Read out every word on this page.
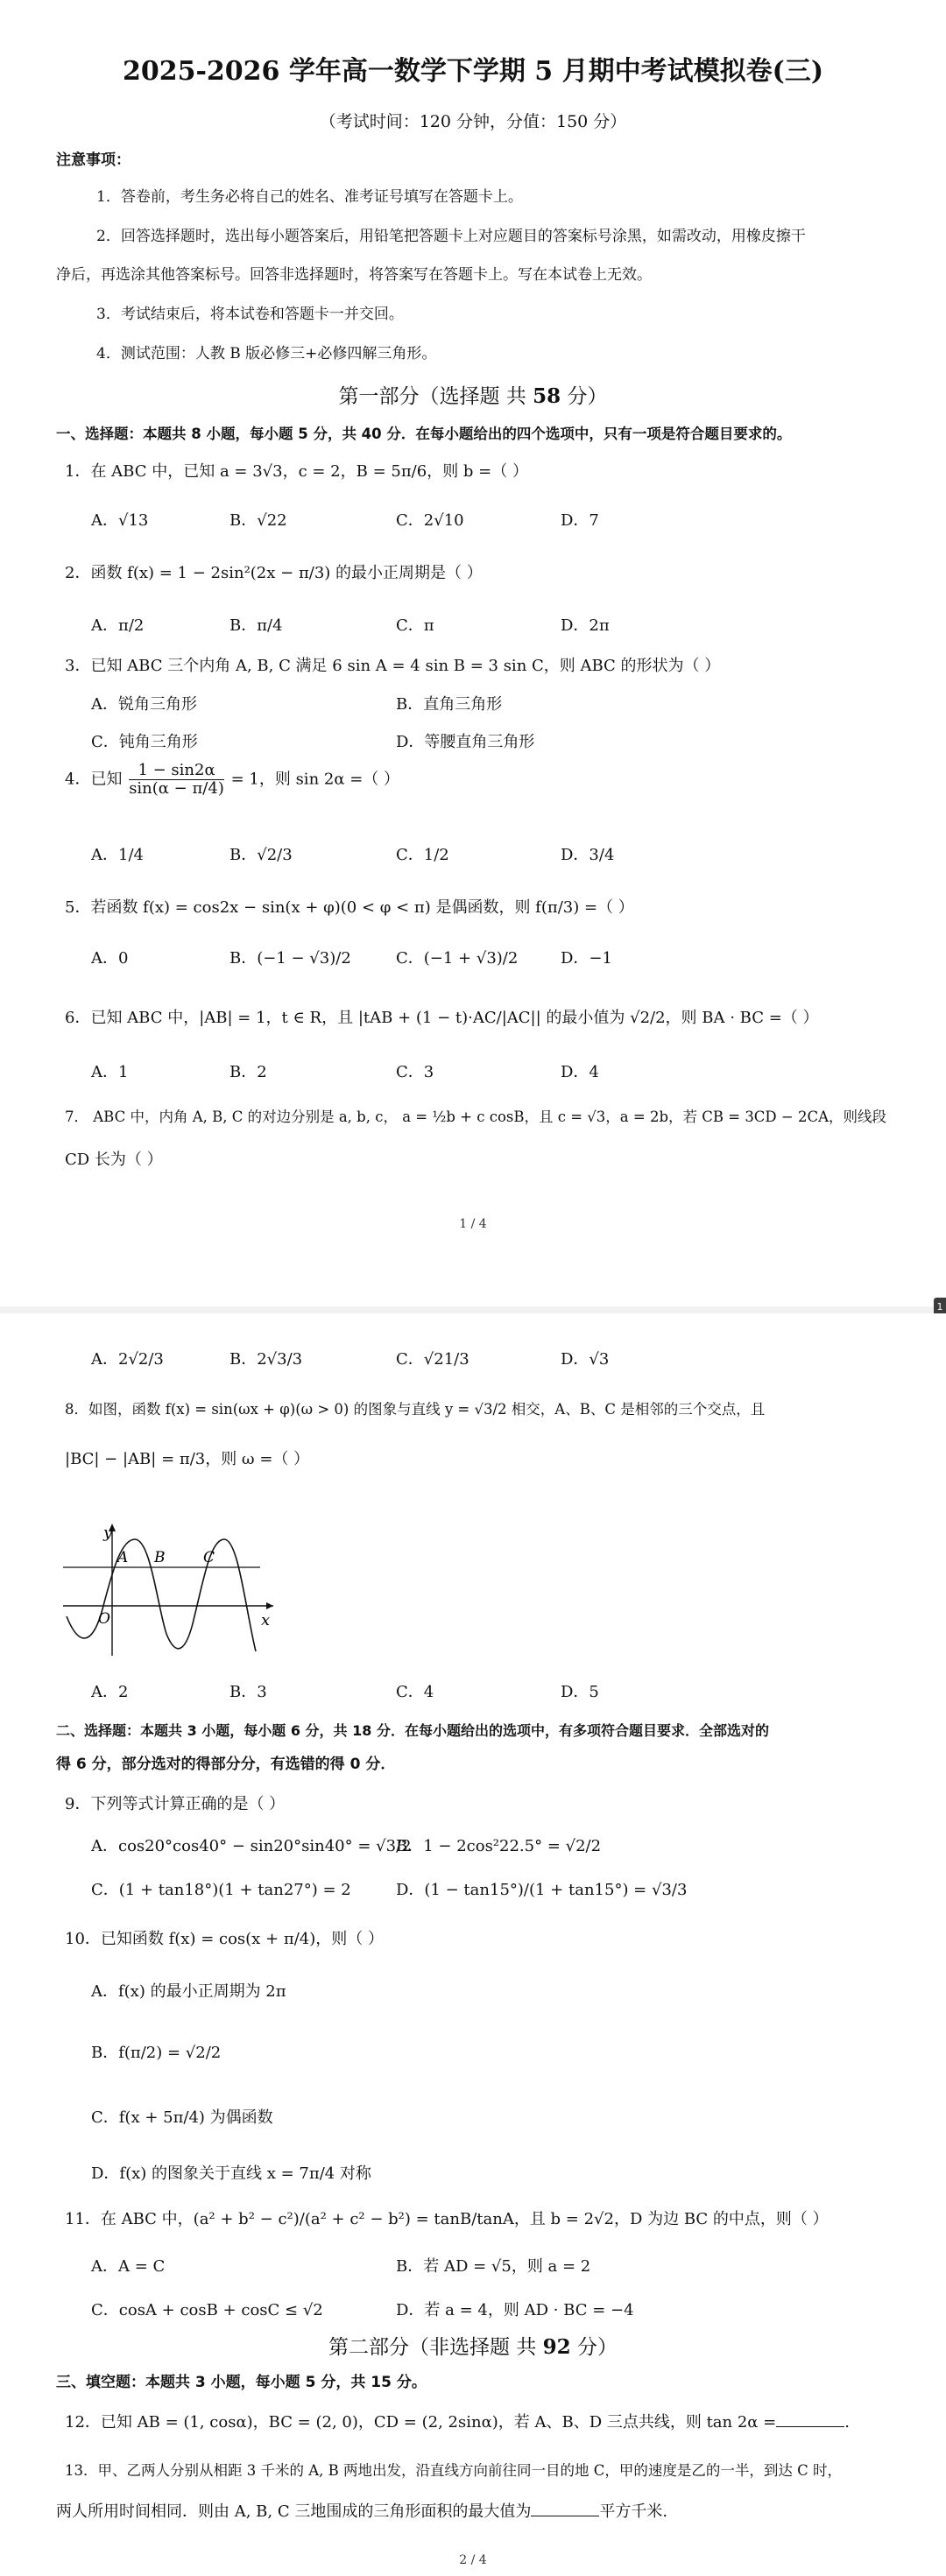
2025-2026 学年高一数学下学期 5 月期中考试模拟卷(三)
（考试时间：120 分钟，分值：150 分）
注意事项：
1．答卷前，考生务必将自己的姓名、准考证号填写在答题卡上。
2．回答选择题时，选出每小题答案后，用铅笔把答题卡上对应题目的答案标号涂黑，如需改动，用橡皮擦干
净后，再选涂其他答案标号。回答非选择题时，将答案写在答题卡上。写在本试卷上无效。
3．考试结束后，将本试卷和答题卡一并交回。
4．测试范围：人教 B 版必修三+必修四解三角形。
第一部分（选择题 共 58 分）
一、选择题：本题共 8 小题，每小题 5 分，共 40 分．在每小题给出的四个选项中，只有一项是符合题目要求的。
1．在 ABC 中，已知 a = 3√3，c = 2，B = 5π/6，则 b =（ ）
A．√13	B．√22	C．2√10	D．7
2．函数 f(x) = 1 − 2sin²(2x − π/3) 的最小正周期是（ ）
A．π/2	B．π/4	C．π	D．2π
3．已知 ABC 三个内角 A, B, C 满足 6 sin A = 4 sin B = 3 sin C，则 ABC 的形状为（ ）
A．锐角三角形	B．直角三角形
C．钝角三角形	D．等腰直角三角形
4．已知 $\frac{1 - \sin 2\alpha}{\sin(\alpha - \pi/4)} = 1$，则 sin 2α =（ ）
A．1/4	B．√2/3	C．1/2	D．3/4
5．若函数 f(x) = cos2x − sin(x + φ)(0 < φ < π) 是偶函数，则 f(π/3) =（ ）
A．0	B．(−1 − √3)/2	C．(−1 + √3)/2	D．−1
6．已知 ABC 中，|AB| = 1，t ∈ R，且 |tAB + (1 − t)·AC/|AC|| 的最小值为 √2/2，则 BA · BC =（ ）
A．1	B．2	C．3	D．4
7． ABC 中，内角 A, B, C 的对边分别是 a, b, c， a = ½b + c cosB，且 c = √3，a = 2b，若 CB = 3CD − 2CA，则线段
CD 长为（ ）
1 / 4
1
A．2√2/3	B．2√3/3	C．√21/3	D．√3
8．如图，函数 f(x) = sin(ωx + φ)(ω > 0) 的图象与直线 y = √3/2 相交，A、B、C 是相邻的三个交点，且
|BC| − |AB| = π/3，则 ω =（ ）
y
x
O
A B	C
A．2	B．3	C．4	D．5
二、选择题：本题共 3 小题，每小题 6 分，共 18 分．在每小题给出的选项中，有多项符合题目要求．全部选对的
得 6 分，部分选对的得部分分，有选错的得 0 分．
9．下列等式计算正确的是（ ）
A．cos20°cos40° − sin20°sin40° = √3/2
B．1 − 2cos²22.5° = √2/2
C．(1 + tan18°)(1 + tan27°) = 2	D．(1 − tan15°)/(1 + tan15°) = √3/3
10．已知函数 f(x) = cos(x + π/4)，则（ ）
A．f(x) 的最小正周期为 2π
B．f(π/2) = √2/2
C．f(x + 5π/4) 为偶函数
D．f(x) 的图象关于直线 x = 7π/4 对称
11．在 ABC 中，(a² + b² − c²)/(a² + c² − b²) = tanB/tanA，且 b = 2√2，D 为边 BC 的中点，则（ ）
A．A = C	B．若 AD = √5，则 a = 2
C．cosA + cosB + cosC ≤ √2	D．若 a = 4，则 AD · BC = −4
第二部分（非选择题 共 92 分）
三、填空题：本题共 3 小题，每小题 5 分，共 15 分。
12．已知 AB = (1, cosα)，BC = (2, 0)，CD = (2, 2sinα)，若 A、B、D 三点共线，则 tan 2α =	.
13．甲、乙两人分别从相距 3 千米的 A, B 两地出发，沿直线方向前往同一目的地 C，甲的速度是乙的一半，到达 C 时，
两人所用时间相同．则由 A, B, C 三地围成的三角形面积的最大值为	平方千米.
2 / 4
